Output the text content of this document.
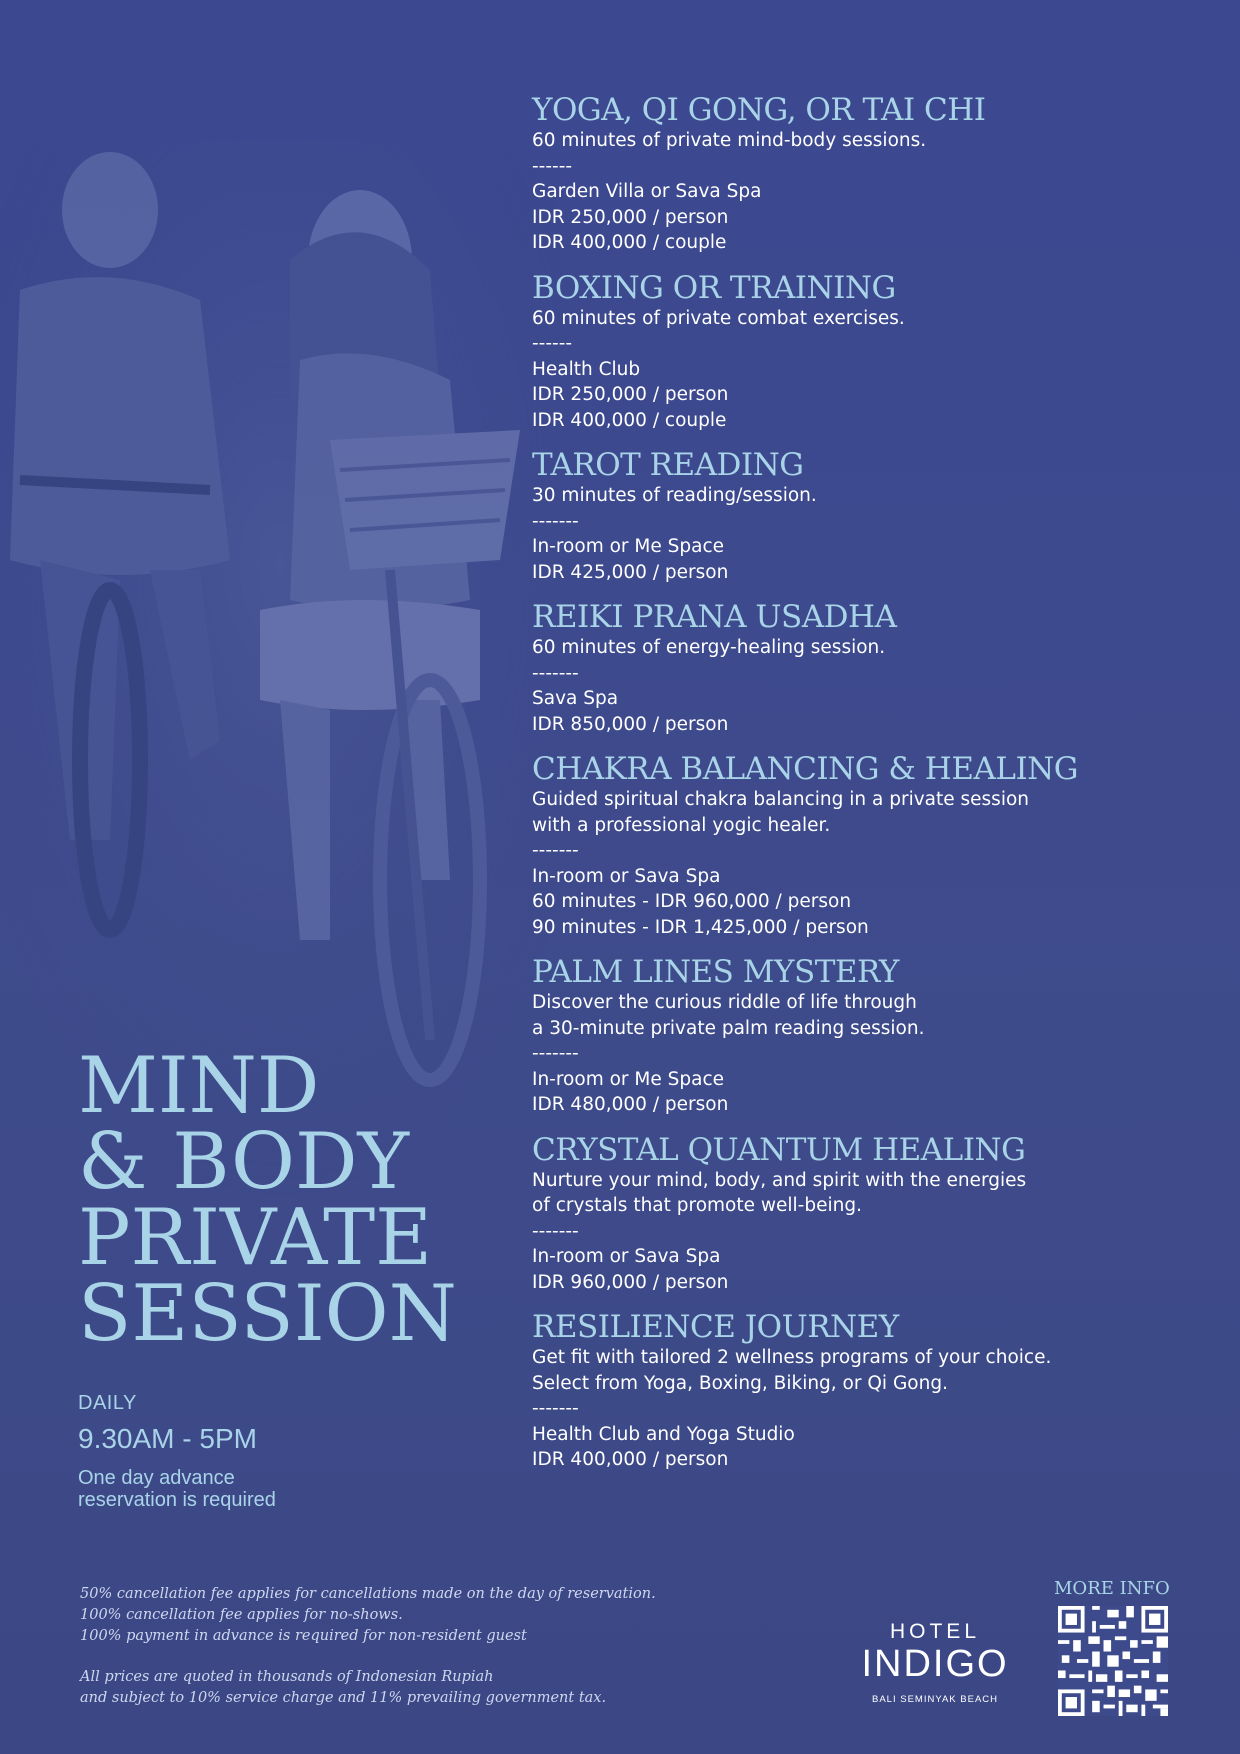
MIND
& BODY
PRIVATE
SESSION
DAILY
9.30AM - 5PM
One day advance
reservation is required
YOGA, QI GONG, OR TAI CHI
60 minutes of private mind-body sessions.
------
Garden Villa or Sava Spa
IDR 250,000 / person
IDR 400,000 / couple
BOXING OR TRAINING
60 minutes of private combat exercises.
------
Health Club
IDR 250,000 / person
IDR 400,000 / couple
TAROT READING
30 minutes of reading/session.
-------
In-room or Me Space
IDR 425,000 / person
REIKI PRANA USADHA
60 minutes of energy-healing session.
-------
Sava Spa
IDR 850,000 / person
CHAKRA BALANCING & HEALING
Guided spiritual chakra balancing in a private session
with a professional yogic healer.
-------
In-room or Sava Spa
60 minutes - IDR 960,000 / person
90 minutes - IDR 1,425,000 / person
PALM LINES MYSTERY
Discover the curious riddle of life through
a 30-minute private palm reading session.
-------
In-room or Me Space
IDR 480,000 / person
CRYSTAL QUANTUM HEALING
Nurture your mind, body, and spirit with the energies
of crystals that promote well-being.
-------
In-room or Sava Spa
IDR 960,000 / person
RESILIENCE JOURNEY
Get fit with tailored 2 wellness programs of your choice.
Select from Yoga, Boxing, Biking, or Qi Gong.
-------
Health Club and Yoga Studio
IDR 400,000 / person
50% cancellation fee applies for cancellations made on the day of reservation.
100% cancellation fee applies for no-shows.
100% payment in advance is required for non-resident guest
All prices are quoted in thousands of Indonesian Rupiah
and subject to 10% service charge and 11% prevailing government tax.
HOTEL
INDIGO
BALI SEMINYAK BEACH
MORE INFO
